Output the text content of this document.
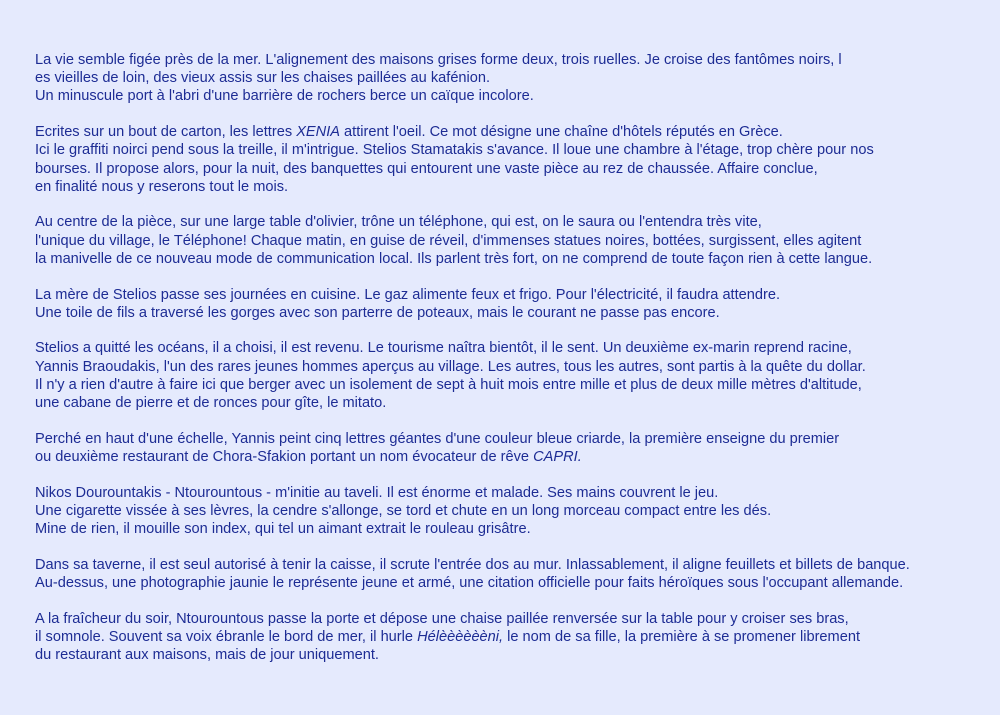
La vie semble figée près de la mer. L'alignement des maisons grises forme deux, trois ruelles. Je croise des fantômes noirs, l
es vieilles de loin, des vieux assis sur les chaises paillées au kafénion.
Un minuscule port à l'abri d'une barrière de rochers berce un caïque incolore.

Ecrites sur un bout de carton, les lettres XENIA attirent l'oeil. Ce mot désigne une chaîne d'hôtels réputés en Grèce.
Ici le graffiti noirci pend sous la treille, il m'intrigue. Stelios Stamatakis s'avance. Il loue une chambre à l'étage, trop chère pour nos
bourses. Il propose alors, pour la nuit, des banquettes qui entourent une vaste pièce au rez de chaussée. Affaire conclue,
en finalité nous y reserons tout le mois.

Au centre de la pièce, sur une large table d'olivier, trône un téléphone, qui est, on le saura ou l'entendra très vite,
l'unique du village, le Téléphone! Chaque matin, en guise de réveil, d'immenses statues noires, bottées, surgissent, elles agitent
la manivelle de ce nouveau mode de communication local. Ils parlent très fort, on ne comprend de toute façon rien à cette langue.

La mère de Stelios passe ses journées en cuisine. Le gaz alimente feux et frigo. Pour l'électricité, il faudra attendre.
Une toile de fils a traversé les gorges avec son parterre de poteaux, mais le courant ne passe pas encore.

Stelios a quitté les océans, il a choisi, il est revenu. Le tourisme naîtra bientôt, il le sent. Un deuxième ex-marin reprend racine,
Yannis Braoudakis, l'un des rares jeunes hommes aperçus au village. Les autres, tous les autres, sont partis à la quête du dollar.
Il n'y a rien d'autre à faire ici que berger avec un isolement de sept à huit mois entre mille et plus de deux mille mètres d'altitude,
une cabane de pierre et de ronces pour gîte, le mitato.

Perché en haut d'une échelle, Yannis peint cinq lettres géantes d'une couleur bleue criarde, la première enseigne du premier
ou deuxième restaurant de Chora-Sfakion portant un nom évocateur de rêve CAPRI.

Nikos Dourountakis - Ntourountous - m'initie au taveli. Il est énorme et malade. Ses mains couvrent le jeu.
Une cigarette vissée à ses lèvres, la cendre s'allonge, se tord et chute en un long morceau compact entre les dés.
Mine de rien, il mouille son index, qui tel un aimant extrait le rouleau grisâtre.

Dans sa taverne, il est seul autorisé à tenir la caisse, il scrute l'entrée dos au mur. Inlassablement, il aligne feuillets et billets de banque.
Au-dessus, une photographie jaunie le représente jeune et armé, une citation officielle pour faits héroïques sous l'occupant allemande.

A la fraîcheur du soir, Ntourountous passe la porte et dépose une chaise paillée renversée sur la table pour y croiser ses bras,
il somnole. Souvent sa voix ébranle le bord de mer, il hurle Hélèèèèèèni, le nom de sa fille, la première à se promener librement
du restaurant aux maisons, mais de jour uniquement.
